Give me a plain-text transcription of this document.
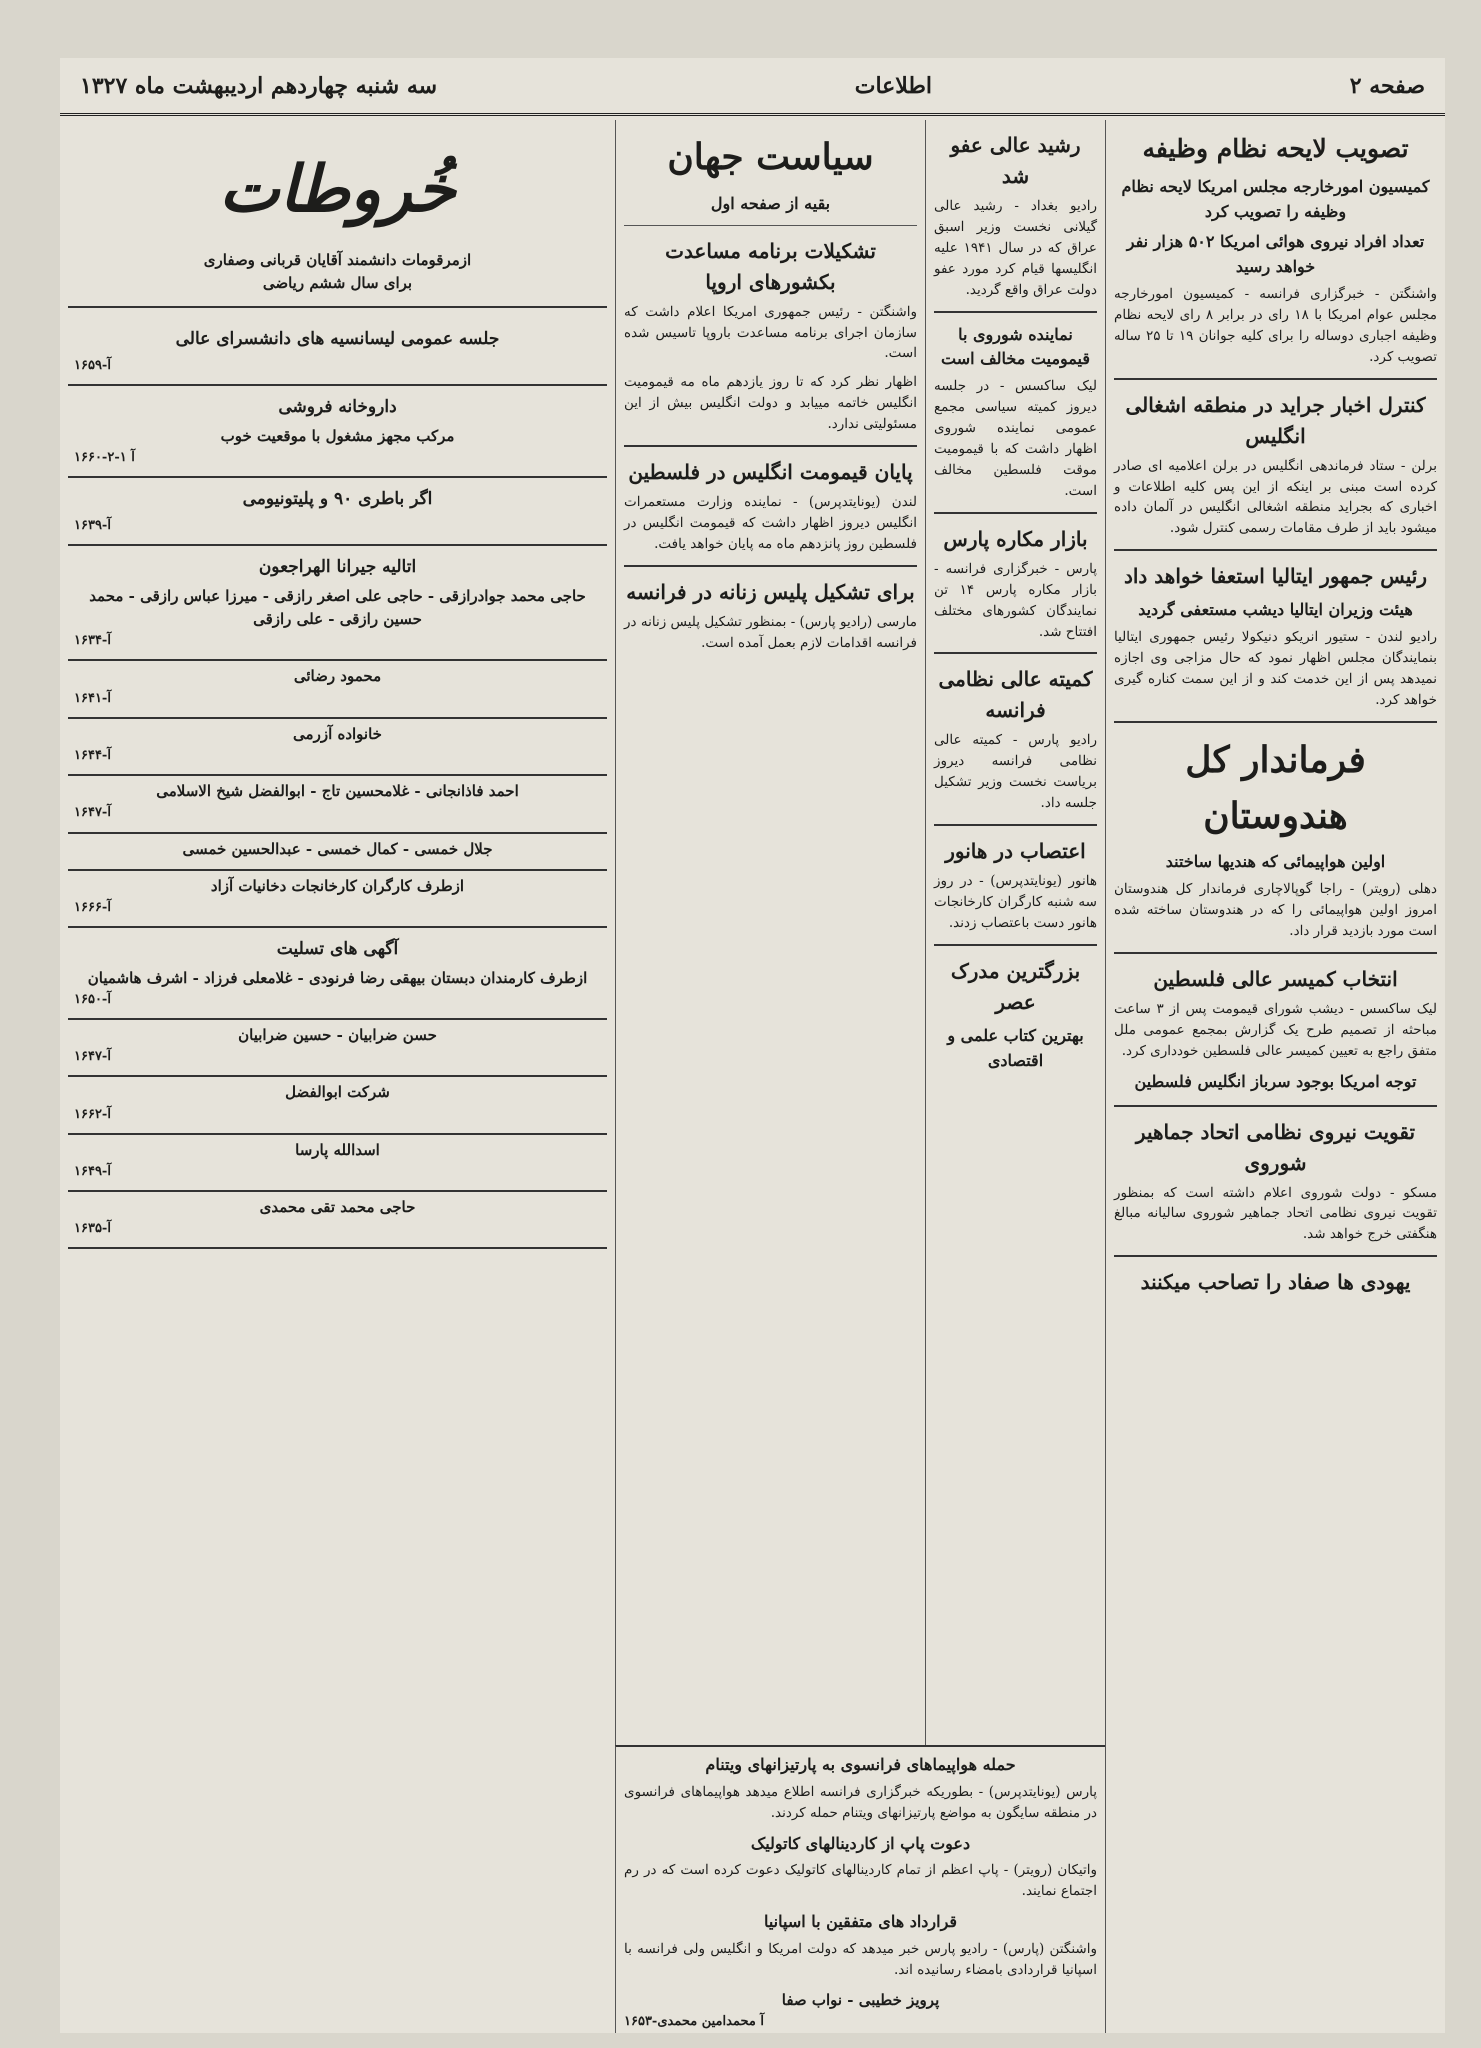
صفحه ۲
اطلاعات
سه شنبه چهاردهم اردیبهشت ماه ۱۳۲۷
تصویب لایحه نظام وظیفه
کمیسیون امورخارجه مجلس امریکا لایحه نظام وظیفه را تصویب کرد
تعداد افراد نیروی هوائی امریکا ۵۰۲ هزار نفر خواهد رسید

واشنگتن - خبرگزاری فرانسه - کمیسیون امورخارجه مجلس عوام امریکا با ۱۸ رای در برابر ۸ رای لایحه نظام وظیفه اجباری دوساله را برای کلیه جوانان ۱۹ تا ۲۵ ساله تصویب کرد.

کنترل اخبار جراید در منطقه اشغالی انگلیس

برلن - ستاد فرماندهی انگلیس در برلن اعلامیه ای صادر کرده است مبنی بر اینکه از این پس کلیه اطلاعات و اخباری که بجراید منطقه اشغالی انگلیس در آلمان داده میشود باید از طرف مقامات رسمی کنترل شود.

رئیس جمهور ایتالیا استعفا خواهد داد
هیئت وزیران ایتالیا دیشب مستعفی گردید

رادیو لندن - ستیور انریکو دنیکولا رئیس جمهوری ایتالیا بنمایندگان مجلس اظهار نمود که حال مزاجی وی اجازه نمیدهد پس از این خدمت کند و از این سمت کناره گیری خواهد کرد.

فرماندار کل هندوستان
اولین هواپیمائی که هندیها ساختند

دهلی (رویتر) - راجا گوپالاچاری فرماندار کل هندوستان امروز اولین هواپیمائی را که در هندوستان ساخته شده است مورد بازدید قرار داد.

انتخاب کمیسر عالی فلسطین

لیک ساکسس - دیشب شورای قیمومت پس از ۳ ساعت مباحثه از تصمیم طرح یک گزارش بمجمع عمومی ملل متفق راجع به تعیین کمیسر عالی فلسطین خودداری کرد.

توجه امریکا بوجود سرباز انگلیس فلسطین
تقویت نیروی نظامی اتحاد جماهیر شوروی

مسکو - دولت شوروی اعلام داشته است که بمنظور تقویت نیروی نظامی اتحاد جماهیر شوروی سالیانه مبالغ هنگفتی خرج خواهد شد.

یهودی ها صفاد را تصاحب میکنند
رشید عالی عفو شد

رادیو بغداد - رشید عالی گیلانی نخست وزیر اسبق عراق که در سال ۱۹۴۱ علیه انگلیسها قیام کرد مورد عفو دولت عراق واقع گردید.

نماینده شوروی با قیمومیت مخالف است

لیک ساکسس - در جلسه دیروز کمیته سیاسی مجمع عمومی نماینده شوروی اظهار داشت که با قیمومیت موقت فلسطین مخالف است.

بازار مکاره پارس

پارس - خبرگزاری فرانسه - بازار مکاره پارس ۱۴ تن نمایندگان کشورهای مختلف افتتاح شد.

کمیته عالی نظامی فرانسه

رادیو پارس - کمیته عالی نظامی فرانسه دیروز بریاست نخست وزیر تشکیل جلسه داد.

اعتصاب در هانور

هانور (یونایتدپرس) - در روز سه شنبه کارگران کارخانجات هانور دست باعتصاب زدند.

بزرگترین مدرک عصر
بهترین کتاب علمی و اقتصادی
سیاست جهان
بقیه از صفحه اول
تشکیلات برنامه مساعدت بکشورهای اروپا

واشنگتن - رئیس جمهوری امریکا اعلام داشت که سازمان اجرای برنامه مساعدت باروپا تاسیس شده است.

اظهار نظر کرد که تا روز یازدهم ماه مه قیمومیت انگلیس خاتمه مییابد و دولت انگلیس بیش از این مسئولیتی ندارد.

پایان قیمومت انگلیس در فلسطین

لندن (یونایتدپرس) - نماینده وزارت مستعمرات انگلیس دیروز اظهار داشت که قیمومت انگلیس در فلسطین روز پانزدهم ماه مه پایان خواهد یافت.

برای تشکیل پلیس زنانه در فرانسه

مارسی (رادیو پارس) - بمنظور تشکیل پلیس زنانه در فرانسه اقدامات لازم بعمل آمده است.

خُروطات
ازمرقومات دانشمند آقایان قربانی وصفاری
برای سال ششم ریاضی
جلسه عمومی لیسانسیه های دانشسرای عالی
۱۶۵۹-آ
داروخانه فروشی
مرکب مجهز مشغول با موقعیت خوب
۱۶۶۰-آ ۱-۲
اگر باطری ۹۰ و پلیتونیومی
۱۶۳۹-آ
اتالیه جیرانا الهراجعون
حاجی محمد جوادرازقی - حاجی علی اصغر رازقی - میرزا عباس رازقی - محمد حسین رازقی - علی رازقی
۱۶۳۴-آ
محمود رضائی
۱۶۴۱-آ
خانواده آزرمی
۱۶۴۴-آ
احمد فاذانجانی - غلامحسین تاج - ابوالفضل شیخ الاسلامی
۱۶۴۷-آ
جلال خمسی - کمال خمسی - عبدالحسین خمسی
ازطرف کارگران کارخانجات دخانیات آزاد
۱۶۶۶-آ
آگهی های تسلیت
ازطرف کارمندان دبستان بیهقی رضا فرنودی - غلامعلی فرزاد - اشرف هاشمیان
۱۶۵۰-آ
حسن ضرابیان - حسین ضرابیان
۱۶۴۷-آ
شرکت ابوالفضل
۱۶۶۲-آ
اسدالله پارسا
۱۶۴۹-آ
حاجی محمد تقی محمدی
۱۶۳۵-آ
حمله هواپیماهای فرانسوی به پارتیزانهای ویتنام

پارس (یونایتدپرس) - بطوریکه خبرگزاری فرانسه اطلاع میدهد هواپیماهای فرانسوی در منطقه سایگون به مواضع پارتیزانهای ویتنام حمله کردند.

دعوت پاپ از کاردینالهای کاتولیک

واتیکان (رویتر) - پاپ اعظم از تمام کاردینالهای کاتولیک دعوت کرده است که در رم اجتماع نمایند.

قرارداد های متفقین با اسپانیا

واشنگتن (پارس) - رادیو پارس خبر میدهد که دولت امریکا و انگلیس ولی فرانسه با اسپانیا قراردادی بامضاء رسانیده اند.

پرویز خطیبی - نواب صفا
۱۶۵۳-آ محمدامین محمدی
